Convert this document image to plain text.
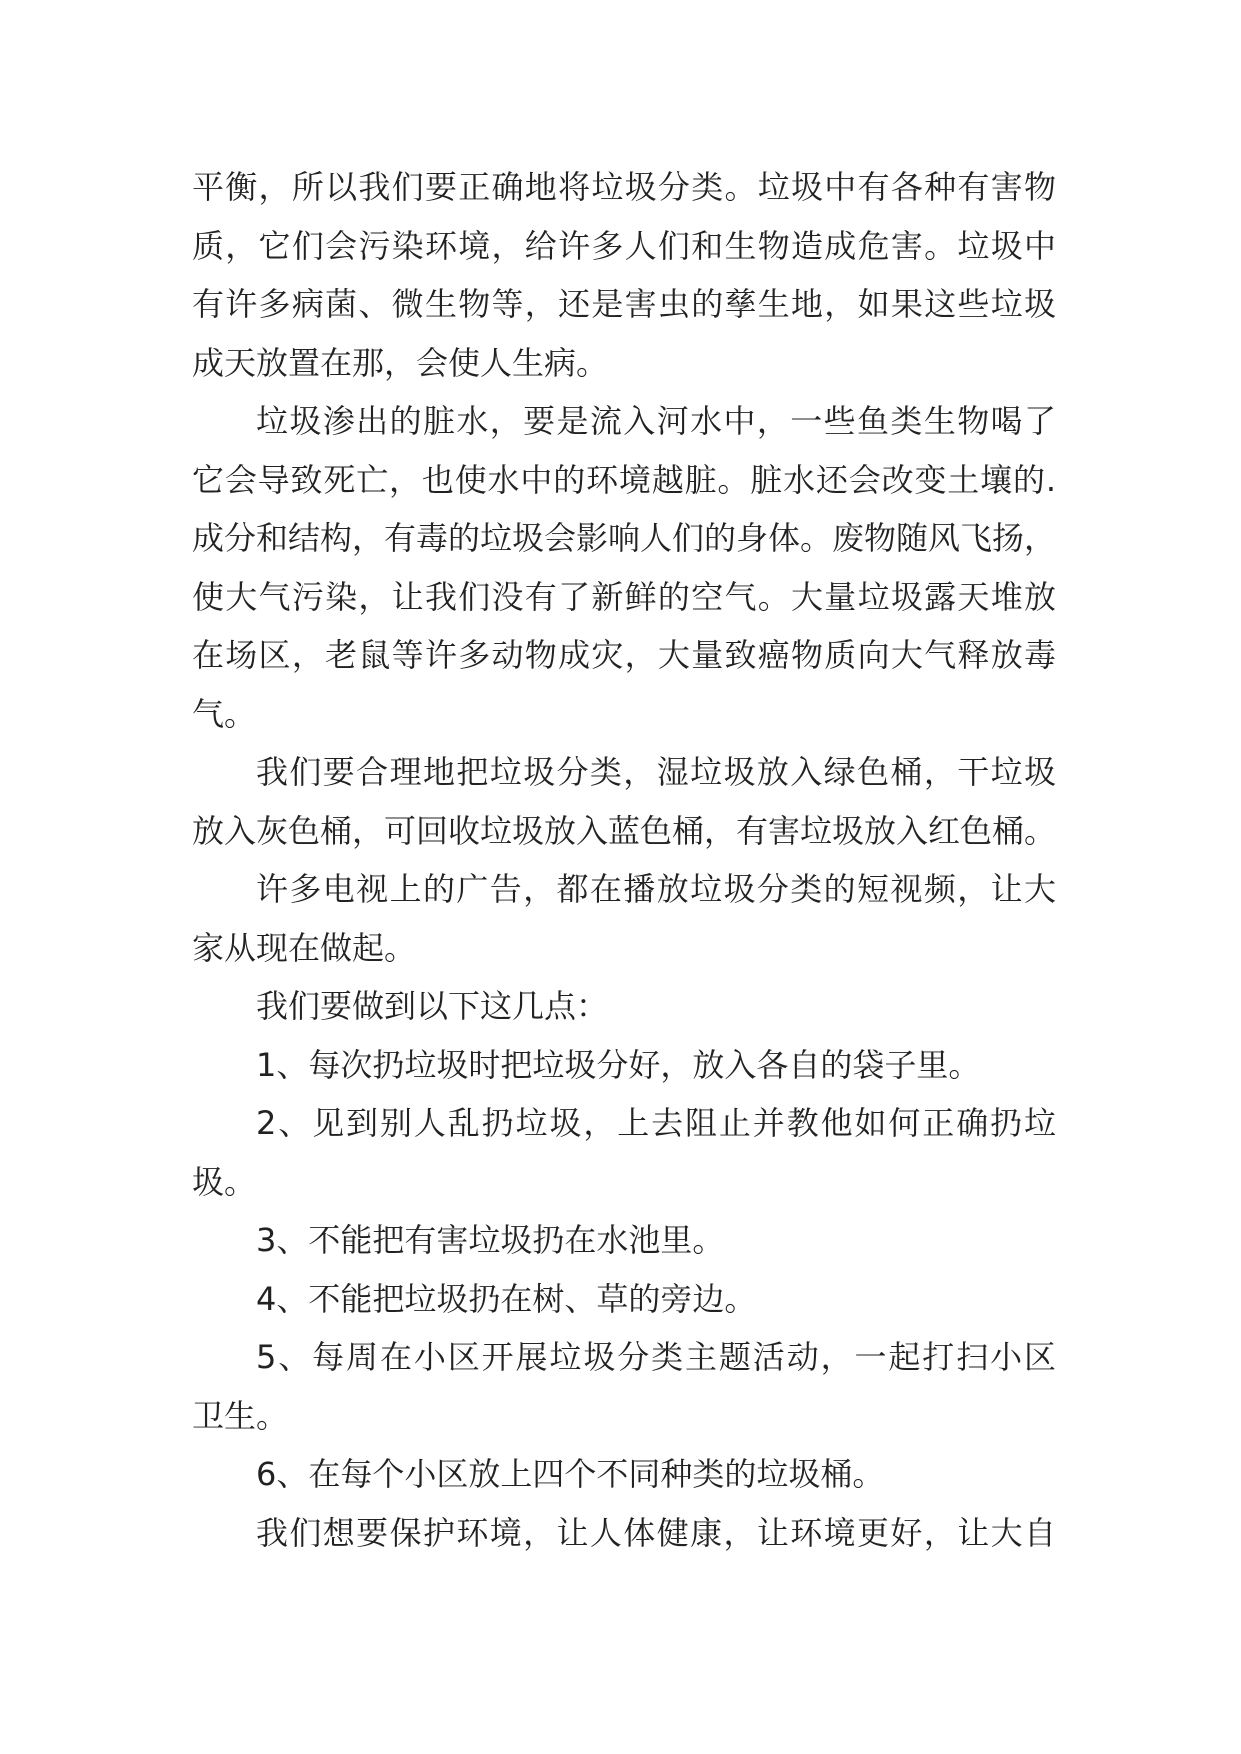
平衡，所以我们要正确地将垃圾分类。垃圾中有各种有害物
质，它们会污染环境，给许多人们和生物造成危害。垃圾中
有许多病菌、微生物等，还是害虫的孳生地，如果这些垃圾
成天放置在那，会使人生病。
垃圾渗出的脏水，要是流入河水中，一些鱼类生物喝了
它会导致死亡，也使水中的环境越脏。脏水还会改变土壤的.
成分和结构，有毒的垃圾会影响人们的身体。废物随风飞扬，
使大气污染，让我们没有了新鲜的空气。大量垃圾露天堆放
在场区，老鼠等许多动物成灾，大量致癌物质向大气释放毒
气。
我们要合理地把垃圾分类，湿垃圾放入绿色桶，干垃圾
放入灰色桶，可回收垃圾放入蓝色桶，有害垃圾放入红色桶。
许多电视上的广告，都在播放垃圾分类的短视频，让大
家从现在做起。
我们要做到以下这几点：
1、每次扔垃圾时把垃圾分好，放入各自的袋子里。
2、见到别人乱扔垃圾，上去阻止并教他如何正确扔垃
圾。
3、不能把有害垃圾扔在水池里。
4、不能把垃圾扔在树、草的旁边。
5、每周在小区开展垃圾分类主题活动，一起打扫小区
卫生。
6、在每个小区放上四个不同种类的垃圾桶。
我们想要保护环境，让人体健康，让环境更好，让大自
